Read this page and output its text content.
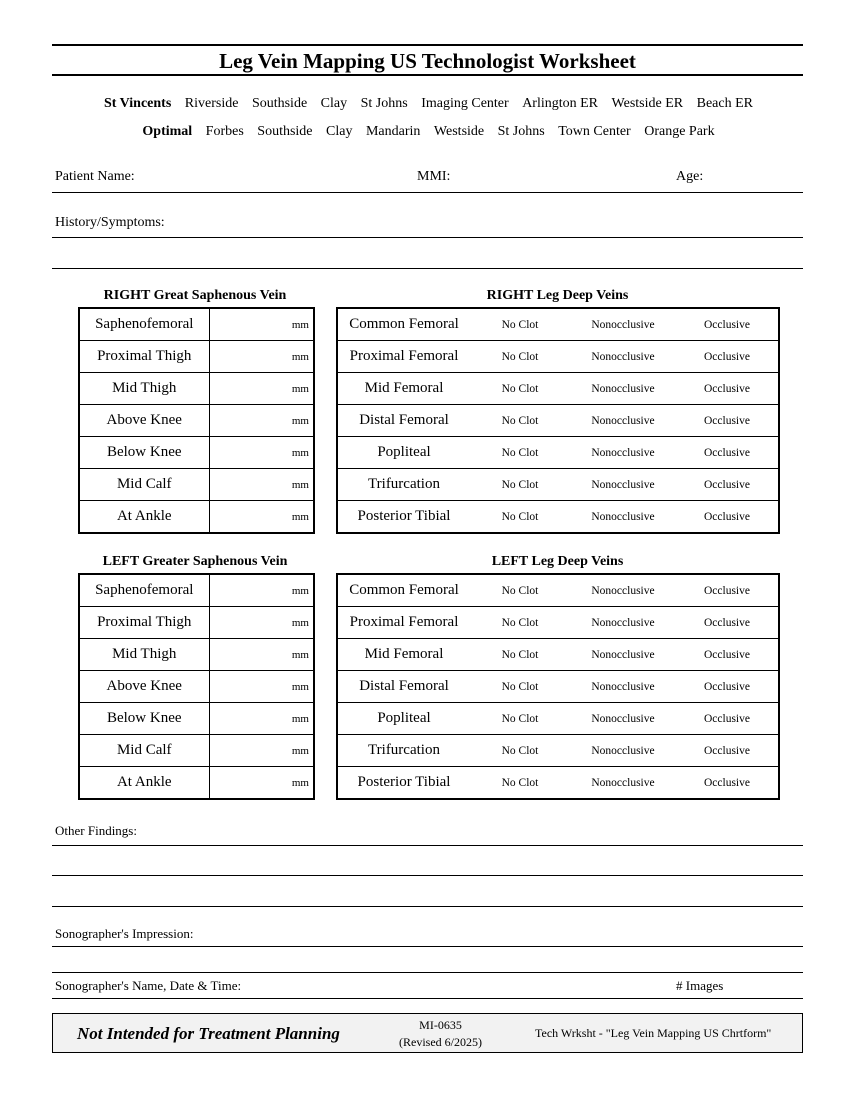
Leg Vein Mapping US Technologist Worksheet
St Vincents Riverside Southside Clay St Johns Imaging Center Arlington ER Westside ER Beach ER
Optimal Forbes Southside Clay Mandarin Westside St Johns Town Center Orange Park
Patient Name:	MMI:	Age:
History/Symptoms:
RIGHT Great Saphenous Vein	RIGHT Leg Deep Veins
Saphenofemoral	mm
Proximal Thigh	mm
Mid Thigh	mm
Above Knee	mm
Below Knee	mm
Mid Calf	mm
At Ankle	mm
Common Femoral	No Clot	Nonocclusive	Occlusive
Proximal Femoral	No Clot	Nonocclusive	Occlusive
Mid Femoral	No Clot	Nonocclusive	Occlusive
Distal Femoral	No Clot	Nonocclusive	Occlusive
Popliteal	No Clot	Nonocclusive	Occlusive
Trifurcation	No Clot	Nonocclusive	Occlusive
Posterior Tibial	No Clot	Nonocclusive	Occlusive
LEFT Greater Saphenous Vein	LEFT Leg Deep Veins
Saphenofemoral	mm
Proximal Thigh	mm
Mid Thigh	mm
Above Knee	mm
Below Knee	mm
Mid Calf	mm
At Ankle	mm
Common Femoral	No Clot	Nonocclusive	Occlusive
Proximal Femoral	No Clot	Nonocclusive	Occlusive
Mid Femoral	No Clot	Nonocclusive	Occlusive
Distal Femoral	No Clot	Nonocclusive	Occlusive
Popliteal	No Clot	Nonocclusive	Occlusive
Trifurcation	No Clot	Nonocclusive	Occlusive
Posterior Tibial	No Clot	Nonocclusive	Occlusive
Other Findings:
Sonographer's Impression:
Sonographer's Name, Date & Time:	# Images
Not Intended for Treatment Planning	MI-0635
(Revised 6/2025)
Tech Wrksht - "Leg Vein Mapping US Chrtform"
